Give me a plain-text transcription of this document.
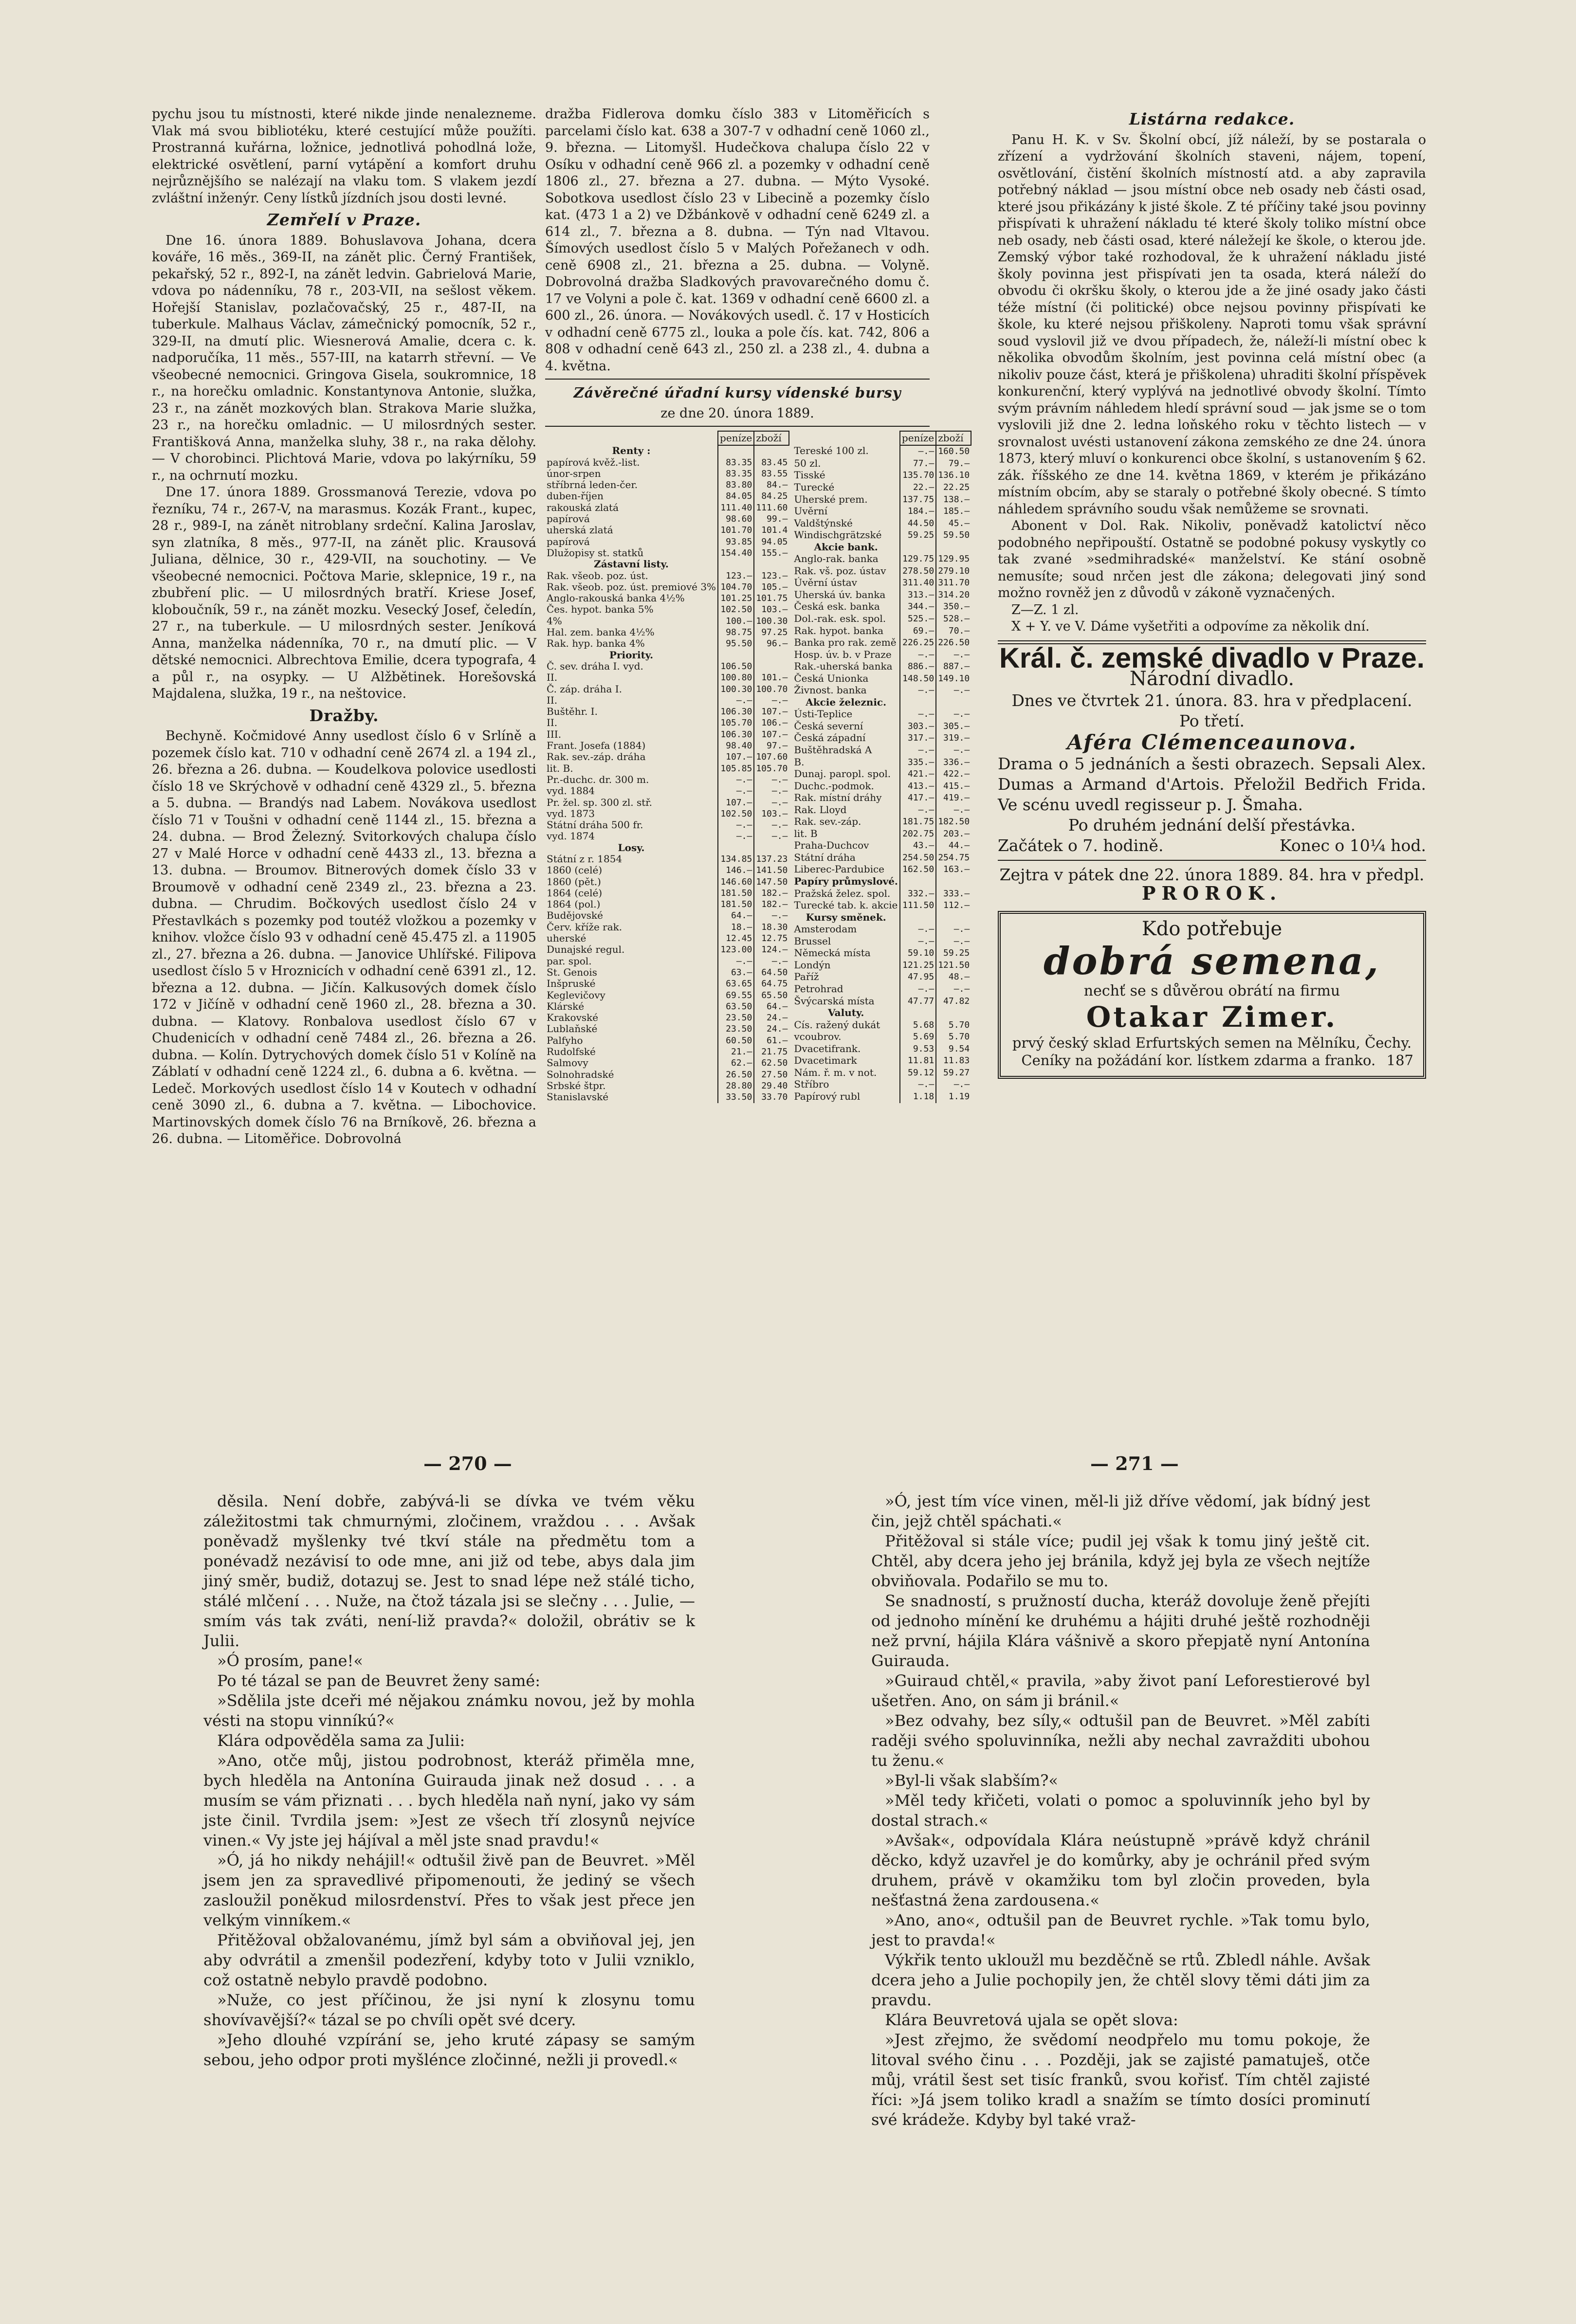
pychu jsou tu místnosti, které nikde jinde nenalezneme. Vlak má svou bibliotéku, které cestující může použíti. Prostranná kuřárna, ložnice, jednotlivá pohodlná lože, elektrické osvětlení, parní vytápění a komfort druhu nejrůznějšího se nalézají na vlaku tom. S vlakem jezdí zvláštní inženýr. Ceny lístků jízdních jsou dosti levné.

Zemřelí v Praze.

Dne 16. února 1889. Bohuslavova Johana, dcera kováře, 16 měs., 369-II, na zánět plic. Černý František, pekařský, 52 r., 892-I, na zánět ledvin. Gabrielová Marie, vdova po nádenníku, 78 r., 203-VII, na sešlost věkem. Hořejší Stanislav, pozlačovačský, 25 r., 487-II, na tuberkule. Malhaus Václav, zámečnický pomocník, 52 r., 329-II, na dmutí plic. Wiesnerová Amalie, dcera c. k. nadporučíka, 11 měs., 557-III, na katarrh střevní. — Ve všeobecné nemocnici. Gringova Gisela, soukromnice, 18 r., na horečku omladnic. Konstantynova Antonie, služka, 23 r., na zánět mozkových blan. Strakova Marie služka, 23 r., na horečku omladnic. — U milosrdných sester. Františková Anna, manželka sluhy, 38 r., na raka dělohy. — V chorobinci. Plichtová Marie, vdova po lakýrníku, 59 r., na ochrnutí mozku.

Dne 17. února 1889. Grossmanová Terezie, vdova po řezníku, 74 r., 267-V, na marasmus. Kozák Frant., kupec, 28 r., 989-I, na zánět nitroblany srdeční. Kalina Jaroslav, syn zlatníka, 8 měs., 977-II, na zánět plic. Krausová Juliana, dělnice, 30 r., 429-VII, na souchotiny. — Ve všeobecné nemocnici. Počtova Marie, sklepnice, 19 r., na zbubření plic. — U milosrdných bratří. Kriese Josef, kloboučník, 59 r., na zánět mozku. Vesecký Josef, čeledín, 27 r., na tuberkule. — U milosrdných sester. Jeníková Anna, manželka nádenníka, 70 r., na dmutí plic. — V dětské nemocnici. Albrechtova Emilie, dcera typografa, 4 a půl r., na osypky. — U Alžbětinek. Horešovská Majdalena, služka, 19 r., na neštovice.

Dražby.

Bechyně. Kočmidové Anny usedlost číslo 6 v Srlíně a pozemek číslo kat. 710 v odhadní ceně 2674 zl. a 194 zl., 26. března a 26. dubna. — Koudelkova polovice usedlosti číslo 18 ve Skrýchově v odhadní ceně 4329 zl., 5. března a 5. dubna. — Brandýs nad Labem. Novákova usedlost číslo 71 v Toušni v odhadní ceně 1144 zl., 15. března a 24. dubna. — Brod Železný. Svitorkových chalupa číslo 27 v Malé Horce v odhadní ceně 4433 zl., 13. března a 13. dubna. — Broumov. Bitnerových domek číslo 33 v Broumově v odhadní ceně 2349 zl., 23. března a 23. dubna. — Chrudim. Bočkových usedlost číslo 24 v Přestavlkách s pozemky pod toutéž vložkou a pozemky v knihov. vložce číslo 93 v odhadní ceně 45.475 zl. a 11905 zl., 27. března a 26. dubna. — Janovice Uhlířské. Filipova usedlost číslo 5 v Hroznicích v odhadní ceně 6391 zl., 12. března a 12. dubna. — Jičín. Kalkusových domek číslo 172 v Jičíně v odhadní ceně 1960 zl., 28. března a 30. dubna. — Klatovy. Ronbalova usedlost číslo 67 v Chudenicích v odhadní ceně 7484 zl., 26. března a 26. dubna. — Kolín. Dytrychových domek číslo 51 v Kolíně na Záblatí v odhadní ceně 1224 zl., 6. dubna a 6. května. — Ledeč. Morkových usedlost číslo 14 v Koutech v odhadní ceně 3090 zl., 6. dubna a 7. května. — Libochovice. Martinovských domek číslo 76 na Brníkově, 26. března a 26. dubna. — Litoměřice. Dobrovolná

dražba Fidlerova domku číslo 383 v Litoměřicích s parcelami číslo kat. 638 a 307-7 v odhadní ceně 1060 zl., 9. března. — Litomyšl. Hudečkova chalupa číslo 22 v Osíku v odhadní ceně 966 zl. a pozemky v odhadní ceně 1806 zl., 27. března a 27. dubna. — Mýto Vysoké. Sobotkova usedlost číslo 23 v Libecině a pozemky číslo kat. (473 1 a 2) ve Džbánkově v odhadní ceně 6249 zl. a 614 zl., 7. března a 8. dubna. — Týn nad Vltavou. Šímových usedlost číslo 5 v Malých Pořežanech v odh. ceně 6908 zl., 21. března a 25. dubna. — Volyně. Dobrovolná dražba Sladkových pravovarečného domu č. 17 ve Volyni a pole č. kat. 1369 v odhadní ceně 6600 zl. a 600 zl., 26. února. — Novákových usedl. č. 17 v Hosticích v odhadní ceně 6775 zl., louka a pole čís. kat. 742, 806 a 808 v odhadní ceně 643 zl., 250 zl. a 238 zl., 4. dubna a 4. května.

Závěrečné úřadní kursy vídenské bursy
ze dne 20. února 1889.
	peníze	zboží
Renty :		
papírová kvěž.-list.	83.35	83.45
únor-srpen	83.35	83.55
stříbrná leden-čer.	83.80	84.—
duben-říjen	84.05	84.25
rakouská zlatá	111.40	111.60
papírová	98.60	99.—
uherská zlatá	101.70	101.4
papírová	93.85	94.05
Dlužopisy st. statků	154.40	155.—
Zástavní listy.		
Rak. všeob. poz. úst.	123.—	123.—
Rak. všeob. poz. úst. premiové 3%	104.70	105.—
Anglo-rakouská banka 4½%	101.25	101.75
Čes. hypot. banka 5%	102.50	103.—
4%	100.—	100.30
Hal. zem. banka 4½%	98.75	97.25
Rak. hyp. banka 4%	95.50	96.—
Priority.		
Č. sev. dráha I. vyd.	106.50	
II.	100.80	101.—
Č. záp. dráha I.	100.30	100.70
II.	—.—	—.—
Buštěhr. I.	106.30	107.—
II.	105.70	106.—
III.	106.30	107.—
Frant. Josefa (1884)	98.40	97.—
Rak. sev.-záp. dráha	107.—	107.60
lit. B.	105.85	105.70
Pr.-duchc. dr. 300 m.	—.—	—.—
vyd. 1884	—.—	—.—
Pr. žel. sp. 300 zl. stř.	107.—	—.—
vyd. 1873	102.50	103.—
Státní dráha 500 fr.	—.—	—.—
vyd. 1874	—.—	—.—
Losy.		
Státní z r. 1854	134.85	137.23
1860 (celé)	146.—	141.50
1860 (pět.)	146.60	147.50
1864 (celé)	181.50	182.—
1864 (pol.)	181.50	182.—
Budějovské	64.—	—.—
Červ. kříže rak.	18.—	18.30
uherské	12.45	12.75
Dunajské regul.	123.00	124.—
par. spol.	—.—	—.—
St. Genois	63.—	64.50
Inšpruské	63.65	64.75
Keglevičovy	69.55	65.50
Klárské	63.50	64.—
Krakovské	23.50	24.—
Lublaňské	23.50	24.—
Palfyho	60.50	61.—
Rudolfské	21.—	21.75
Salmovy	62.—	62.50
Solnohradské	26.50	27.50
Srbské štpr.	28.80	29.40
Stanislavské	33.50	33.70
	peníze	zboží
Tereské 100 zl.	—.—	160.50
50 zl.	77.—	79.—
Tisské	135.70	136.10
Turecké	22.—	22.25
Uherské prem.	137.75	138.—
Uvěrní	184.—	185.—
Valdštýnské	44.50	45.—
Windischgrätzské	59.25	59.50
Akcie bank.		
Anglo-rak. banka	129.75	129.95
Rak. vš. poz. ústav	278.50	279.10
Úvěrní ústav	311.40	311.70
Uherská úv. banka	313.—	314.20
Česká esk. banka	344.—	350.—
Dol.-rak. esk. spol.	525.—	528.—
Rak. hypot. banka	69.—	70.—
Banka pro rak. země	226.25	226.50
Hosp. úv. b. v Praze	—.—	—.—
Rak.-uherská banka	886.—	887.—
Česká Unionka	148.50	149.10
Živnost. banka	—.—	—.—
Akcie železnic.		
Ústi-Teplice	—.—	—.—
Česká severní	303.—	305.—
Česká západní	317.—	319.—
Buštěhradská A	—.—	—.—
B.	335.—	336.—
Dunaj. paropl. spol.	421.—	422.—
Duchc.-podmok.	413.—	415.—
Rak. místní dráhy	417.—	419.—
Rak. Lloyd	—.—	—.—
Rak. sev.-záp.	181.75	182.50
lit. B	202.75	203.—
Praha-Duchcov	43.—	44.—
Státní dráha	254.50	254.75
Liberec-Pardubice	162.50	163.—
Papíry průmyslové.		
Pražská želez. spol.	332.—	333.—
Turecké tab. k. akcie	111.50	112.—
Kursy směnek.		
Amsterodam	—.—	—.—
Brussel	—.—	—.—
Německá místa	59.10	59.25
Londýn	121.25	121.50
Paříž	47.95	48.—
Petrohrad	—.—	—.—
Švýcarská místa	47.77	47.82
Valuty.		
Cís. ražený dukát	5.68	5.70
vcoubrov.	5.69	5.70
Dvacetifrank.	9.53	9.54
Dvacetimark	11.81	11.83
Nám. ř. m. v not.	59.12	59.27
Stříbro	—.—	—.—
Papírový rubl	1.18	1.19
Listárna redakce.

Panu H. K. v Sv. Školní obcí, jíž náleží, by se postarala o zřízení a vydržování školních staveni, nájem, topení, osvětlování, čistění školních místností atd. a aby zapravila potřebný náklad — jsou místní obce neb osady neb části osad, které jsou přikázány k jisté škole. Z té příčiny také jsou povinny přispívati k uhražení nákladu té které školy toliko místní obce neb osady, neb části osad, které náležejí ke škole, o kterou jde. Zemský výbor také rozhodoval, že k uhražení nákladu jisté školy povinna jest přispívati jen ta osada, která náleží do obvodu či okršku školy, o kterou jde a že jiné osady jako části téže místní (či politické) obce nejsou povinny přispívati ke škole, ku které nejsou přiškoleny. Naproti tomu však správní soud vyslovil již ve dvou případech, že, náleží-li místní obec k několika obvodům školním, jest povinna celá místní obec (a nikoliv pouze část, která je přiškolena) uhraditi školní příspěvek konkurenční, který vyplývá na jednotlivé obvody školní. Tímto svým právním náhledem hledí správní soud — jak jsme se o tom vyslovili již dne 2. ledna loňského roku v těchto listech — v srovnalost uvésti ustanovení zákona zemského ze dne 24. února 1873, který mluví o konkurenci obce školní, s ustanovením § 62. zák. říšského ze dne 14. května 1869, v kterém je přikázáno místním obcím, aby se staraly o potřebné školy obecné. S tímto náhledem správního soudu však nemůžeme se srovnati.

Abonent v Dol. Rak. Nikoliv, poněvadž katolictví něco podobného nepřipouští. Ostatně se podobné pokusy vyskytly co tak zvané »sedmihradské« manželství. Ke stání osobně nemusíte; soud nrčen jest dle zákona; delegovati jiný sond možno rovněž jen z důvodů v zákoně vyznačených.

Z—Z. 1 zl.

X + Y. ve V. Dáme vyšetřiti a odpovíme za několik dní.

Král. č. zemské divadlo v Praze.
Národní divadlo.
Dnes ve čtvrtek 21. února. 83. hra v předplacení.
Po třetí.
Aféra Clémenceaunova.
Drama o 5 jednáních a šesti obrazech. Sepsali Alex. Dumas a Armand d'Artois. Přeložil Bedřich Frida. Ve scénu uvedl regisseur p. J. Šmaha.
Po druhém jednání delší přestávka.
Začátek o 7. hodině.	Konec o 10¼ hod.
Zejtra v pátek dne 22. února 1889. 84. hra v předpl.
PROROK.
Kdo potřebuje
dobrá semena,
nechť se s důvěrou obrátí na firmu
Otakar Zimer.
prvý český sklad Erfurtských semen na Mělníku, Čechy. Ceníky na požádání kor. lístkem zdarma a franko. 187
— 270 —	— 271 —

děsila. Není dobře, zabývá-li se dívka ve tvém věku záležitostmi tak chmurnými, zločinem, vraždou . . . Avšak poněvadž myšlenky tvé tkví stále na předmětu tom a ponévadž nezávisí to ode mne, ani již od tebe, abys dala jim jiný směr, budiž, dotazuj se. Jest to snad lépe než stálé ticho, stálé mlčení . . . Nuže, na čtož tázala jsi se slečny . . . Julie, — smím vás tak zváti, není-liž pravda?« doložil, obrátiv se k Julii.

»Ó prosím, pane!«

Po té tázal se pan de Beuvret ženy samé:

»Sdělila jste dceři mé nějakou známku novou, jež by mohla vésti na stopu vinníkú?«

Klára odpověděla sama za Julii:

»Ano, otče můj, jistou podrobnost, kteráž přiměla mne, bych hleděla na Antonína Guirauda jinak než dosud . . . a musím se vám přiznati . . . bych hleděla naň nyní, jako vy sám jste činil. Tvrdila jsem: »Jest ze všech tří zlosynů nejvíce vinen.« Vy jste jej hájíval a měl jste snad pravdu!«

»Ó, já ho nikdy nehájil!« odtušil živě pan de Beuvret. »Měl jsem jen za spravedlivé připomenouti, že jediný se všech zasloužil poněkud milosrdenství. Přes to však jest přece jen velkým vinníkem.«

Přitěžoval obžalovanému, jímž byl sám a obviňoval jej, jen aby odvrátil a zmenšil podezření, kdyby toto v Julii vzniklo, což ostatně nebylo pravdě podobno.

»Nuže, co jest příčinou, že jsi nyní k zlosynu tomu shovívavější?« tázal se po chvíli opět své dcery.

»Jeho dlouhé vzpírání se, jeho kruté zápasy se samým sebou, jeho odpor proti myšlénce zločinné, nežli ji provedl.«

»Ó, jest tím více vinen, měl-li již dříve vědomí, jak bídný jest čin, jejž chtěl spáchati.«

Přitěžoval si stále více; pudil jej však k tomu jiný ještě cit. Chtěl, aby dcera jeho jej bránila, když jej byla ze všech nejtíže obviňovala. Podařilo se mu to.

Se snadností, s pružností ducha, kteráž dovoluje ženě přejíti od jednoho mínění ke druhému a hájiti druhé ještě rozhodněji než první, hájila Klára vášnivě a skoro přepjatě nyní Antonína Guirauda.

»Guiraud chtěl,« pravila, »aby život paní Leforestierové byl ušetřen. Ano, on sám ji bránil.«

»Bez odvahy, bez síly,« odtušil pan de Beuvret. »Měl zabíti raději svého spoluvinníka, nežli aby nechal zavražditi ubohou tu ženu.«

»Byl-li však slabším?«

»Měl tedy křičeti, volati o pomoc a spoluvinník jeho byl by dostal strach.«

»Avšak«, odpovídala Klára neústupně »právě když chránil děcko, když uzavřel je do komůrky, aby je ochránil před svým druhem, právě v okamžiku tom byl zločin proveden, byla nešťastná žena zardousena.«

»Ano, ano«, odtušil pan de Beuvret rychle. »Tak tomu bylo, jest to pravda!«

Výkřik tento ukloužl mu bezděčně se rtů. Zbledl náhle. Avšak dcera jeho a Julie pochopily jen, že chtěl slovy těmi dáti jim za pravdu.

Klára Beuvretová ujala se opět slova:

»Jest zřejmo, že svědomí neodpřelo mu tomu pokoje, že litoval svého činu . . . Později, jak se zajisté pamatuješ, otče můj, vrátil šest set tisíc franků, svou kořisť. Tím chtěl zajisté říci: »Já jsem toliko kradl a snažím se tímto dosíci prominutí své krádeže. Kdyby byl také vraž-
